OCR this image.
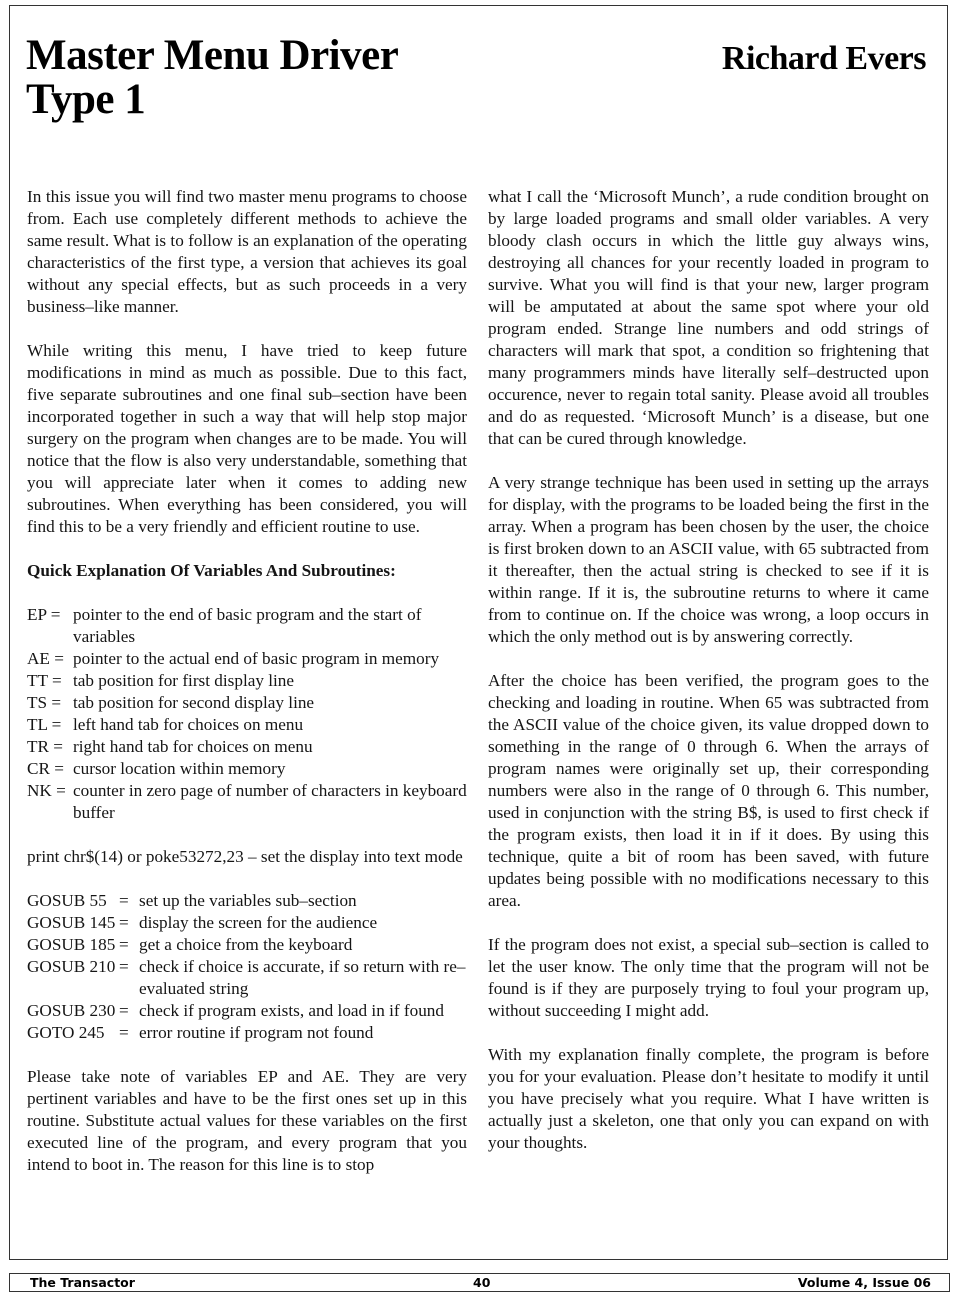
Master Menu Driver
Type 1
Richard Evers

In this issue you will find two master menu programs to choose from. Each use completely different methods to achieve the same result. What is to follow is an explanation of the operating characteristics of the first type, a version that achieves its goal without any special effects, but as such proceeds in a very business–like manner.

While writing this menu, I have tried to keep future modifications in mind as much as possible. Due to this fact, five separate subroutines and one final sub–section have been incorporated together in such a way that will help stop major surgery on the program when changes are to be made. You will notice that the flow is also very understandable, something that you will appreciate later when it comes to adding new subroutines. When everything has been considered, you will find this to be a very friendly and efficient routine to use.

Quick Explanation Of Variables And Subroutines:
EP = pointer to the end of basic program and the start of variables
AE = pointer to the actual end of basic program in memory
TT = tab position for first display line
TS = tab position for second display line
TL = left hand tab for choices on menu
TR = right hand tab for choices on menu
CR = cursor location within memory
NK = counter in zero page of number of characters in keyboard buffer

print chr$(14) or poke53272,23 – set the display into text mode

GOSUB 55 = set up the variables sub–section
GOSUB 145 = display the screen for the audience
GOSUB 185 = get a choice from the keyboard
GOSUB 210 = check if choice is accurate, if so return with re–evaluated string
GOSUB 230 = check if program exists, and load in if found
GOTO 245 = error routine if program not found

Please take note of variables EP and AE. They are very pertinent variables and have to be the first ones set up in this routine. Substitute actual values for these variables on the first executed line of the program, and every program that you intend to boot in. The reason for this line is to stop

what I call the ‘Microsoft Munch’, a rude condition brought on by large loaded programs and small older variables. A very bloody clash occurs in which the little guy always wins, destroying all chances for your recently loaded in program to survive. What you will find is that your new, larger program will be amputated at about the same spot where your old program ended. Strange line numbers and odd strings of characters will mark that spot, a condition so frightening that many programmers minds have literally self–destructed upon occurence, never to regain total sanity. Please avoid all troubles and do as requested. ‘Microsoft Munch’ is a disease, but one that can be cured through knowledge.

A very strange technique has been used in setting up the arrays for display, with the programs to be loaded being the first in the array. When a program has been chosen by the user, the choice is first broken down to an ASCII value, with 65 subtracted from it thereafter, then the actual string is checked to see if it is within range. If it is, the subroutine returns to where it came from to continue on. If the choice was wrong, a loop occurs in which the only method out is by answering correctly.

After the choice has been verified, the program goes to the checking and loading in routine. When 65 was subtracted from the ASCII value of the choice given, its value dropped down to something in the range of 0 through 6. When the arrays of program names were originally set up, their corresponding numbers were also in the range of 0 through 6. This number, used in conjunction with the string B$, is used to first check if the program exists, then load it in if it does. By using this technique, quite a bit of room has been saved, with future updates being possible with no modifications necessary to this area.

If the program does not exist, a special sub–section is called to let the user know. The only time that the program will not be found is if they are purposely trying to foul your program up, without succeeding I might add.

With my explanation finally complete, the program is before you for your evaluation. Please don’t hesitate to modify it until you have precisely what you require. What I have written is actually just a skeleton, one that only you can expand on with your thoughts.

The Transactor	40	Volume 4, Issue 06
